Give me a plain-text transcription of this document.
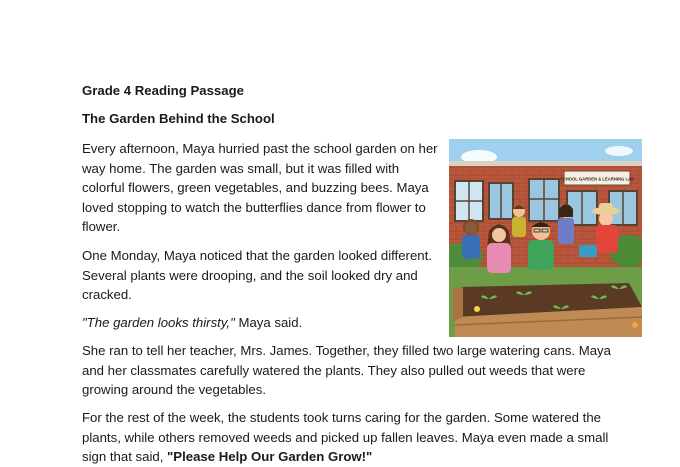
Grade 4 Reading Passage
The Garden Behind the School

Every afternoon, Maya hurried past the school garden on her way home. The garden was small, but it was filled with colorful flowers, green vegetables, and buzzing bees. Maya loved stopping to watch the butterflies dance from flower to flower.

One Monday, Maya noticed that the garden looked different. Several plants were drooping, and the soil looked dry and cracked.

"The garden looks thirsty," Maya said.

She ran to tell her teacher, Mrs. James. Together, they filled two large watering cans. Maya and her classmates carefully watered the plants. They also pulled out weeds that were growing around the vegetables.

For the rest of the week, the students took turns caring for the garden. Some watered the plants, while others removed weeds and picked up fallen leaves. Maya even made a small sign that said, "Please Help Our Garden Grow!"

SCHOOL GARDEN & LEARNING LAB
